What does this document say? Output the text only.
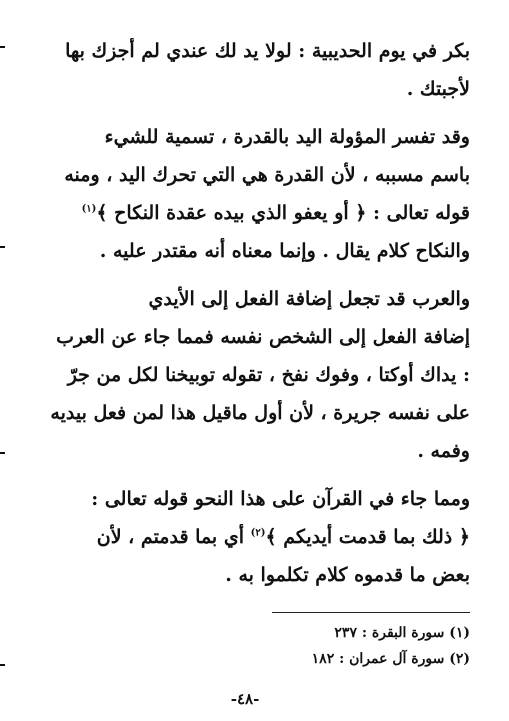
بكر في يوم الحديبية : لولا يد لك عندي لم أجزك بها
لأجبتك .
وقد تفسر المؤولة اليد بالقدرة ، تسمية للشيء
باسم مسببه ، لأن القدرة هي التي تحرك اليد ، ومنه
قوله تعالى : ﴿ أو يعفو الذي بيده عقدة النكاح ﴾$^{(١)}$
والنكاح كلام يقال . وإنما معناه أنه مقتدر عليه .
والعرب قد تجعل إضافة الفعل إلى الأيدي
إضافة الفعل إلى الشخص نفسه فمما جاء عن العرب
: يداك أوكتا ، وفوك نفخ ، تقوله توبيخنا لكل من جرّ
على نفسه جريرة ، لأن أول ماقيل هذا لمن فعل بيديه
وفمه .
ومما جاء في القرآن على هذا النحو قوله تعالى :
﴿ ذلك بما قدمت أيديكم ﴾$^{(٢)}$ أي بما قدمتم ، لأن
بعض ما قدموه كلام تكلموا به .
(١) سورة البقرة : ٢٣٧
(٢) سورة آل عمران : ١٨٢
-٤٨-
